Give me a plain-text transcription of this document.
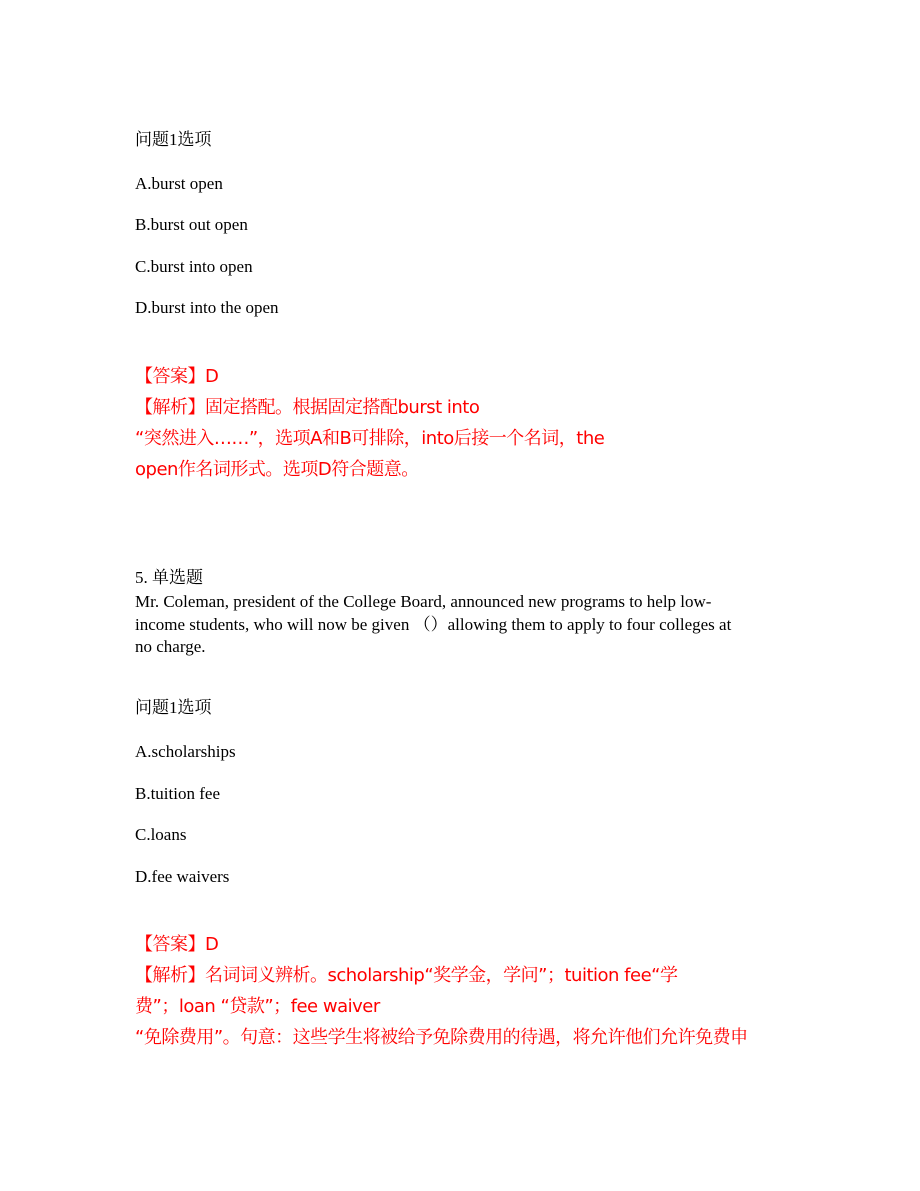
问题1选项
A.burst open
B.burst out open
C.burst into open
D.burst into the open
【答案】D
【解析】固定搭配。根据固定搭配burst into
“突然进入……”，选项A和B可排除，into后接一个名词，the
open作名词形式。选项D符合题意。
5. 单选题
Mr. Coleman, president of the College Board, announced new programs to help low-
income students, who will now be given （）allowing them to apply to four colleges at
no charge.
问题1选项
A.scholarships
B.tuition fee
C.loans
D.fee waivers
【答案】D
【解析】名词词义辨析。scholarship“奖学金，学问”；tuition fee“学
费”；loan “贷款”；fee waiver
“免除费用”。句意：这些学生将被给予免除费用的待遇，将允许他们允许免费申
